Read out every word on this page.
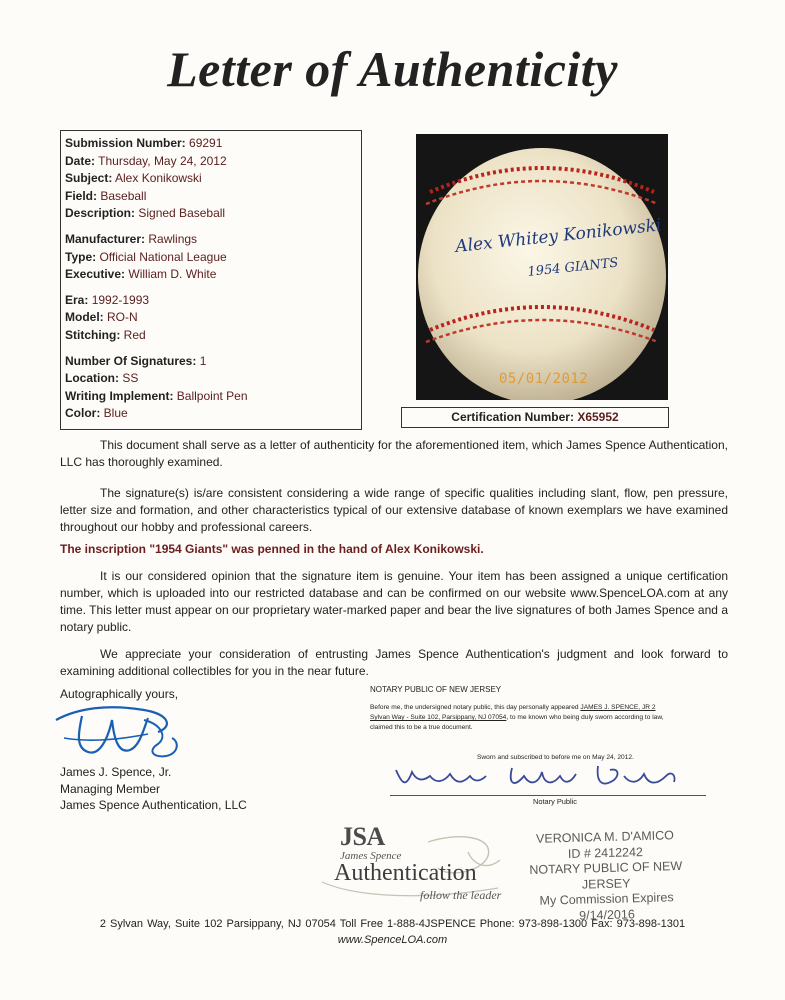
Letter of Authenticity
Submission Number: 69291
Date: Thursday, May 24, 2012
Subject: Alex Konikowski
Field: Baseball
Description: Signed Baseball
Manufacturer: Rawlings
Type: Official National League
Executive: William D. White
Era: 1992-1993
Model: RO-N
Stitching: Red
Number Of Signatures: 1
Location: SS
Writing Implement: Ballpoint Pen
Color: Blue
Alex Whitey Konikowski
1954 GIANTS
05/01/2012
Certification Number: X65952
This document shall serve as a letter of authenticity for the aforementioned item, which James Spence Authentication, LLC has thoroughly examined.
The signature(s) is/are consistent considering a wide range of specific qualities including slant, flow, pen pressure, letter size and formation, and other characteristics typical of our extensive database of known exemplars we have examined throughout our hobby and professional careers.
The inscription "1954 Giants" was penned in the hand of Alex Konikowski.
It is our considered opinion that the signature item is genuine. Your item has been assigned a unique certification number, which is uploaded into our restricted database and can be confirmed on our website www.SpenceLOA.com at any time. This letter must appear on our proprietary water-marked paper and bear the live signatures of both James Spence and a notary public.
We appreciate your consideration of entrusting James Spence Authentication's judgment and look forward to examining additional collectibles for you in the near future.
Autographically yours,
James J. Spence, Jr.
Managing Member
James Spence Authentication, LLC
NOTARY PUBLIC OF NEW JERSEY
Before me, the undersigned notary public, this day personally appeared JAMES J. SPENCE, JR 2 Sylvan Way - Suite 102, Parsippany, NJ 07054, to me known who being duly sworn according to law, claimed this to be a true document.
Sworn and subscribed to before me on May 24, 2012.
Notary Public
JSA
James Spence
Authentication
follow the leader
VERONICA M. D'AMICO
ID # 2412242
NOTARY PUBLIC OF NEW JERSEY
My Commission Expires 9/14/2016
2 Sylvan Way, Suite 102 Parsippany, NJ 07054 Toll Free 1-888-4JSPENCE Phone: 973-898-1300 Fax: 973-898-1301
www.SpenceLOA.com
